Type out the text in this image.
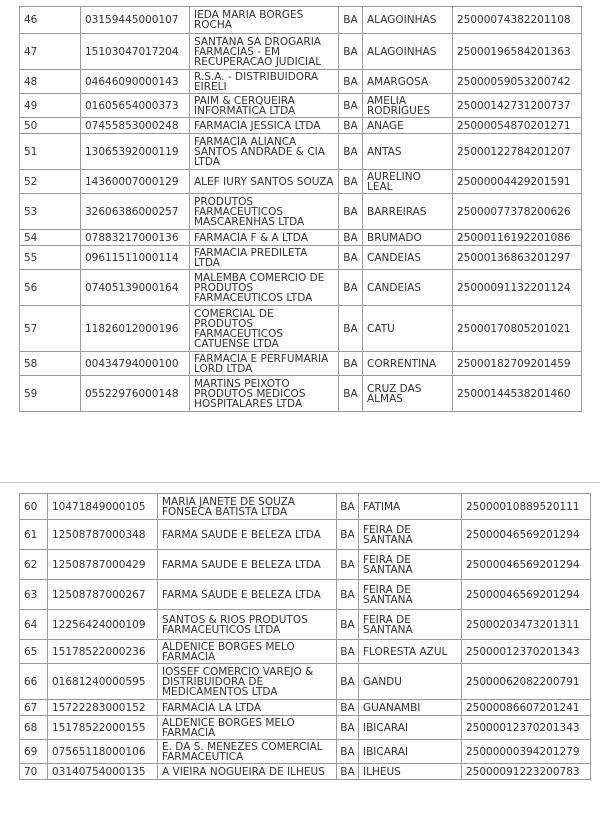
46	03159445000107	IEDA MARIA BORGES ROCHA	BA	ALAGOINHAS	25000074382201108
47	15103047017204	SANTANA SA DROGARIA FARMACIAS - EM RECUPERACAO JUDICIAL	BA	ALAGOINHAS	25000196584201363
48	04646090000143	R.S.A. - DISTRIBUIDORA EIRELI	BA	AMARGOSA	25000059053200742
49	01605654000373	PAIM & CERQUEIRA INFORMATICA LTDA	BA	AMELIA RODRIGUES	25000142731200737
50	07455853000248	FARMACIA JESSICA LTDA	BA	ANAGE	25000054870201271
51	13065392000119	FARMACIA ALIANCA SANTOS ANDRADE & CIA LTDA	BA	ANTAS	25000122784201207
52	14360007000129	ALEF IURY SANTOS SOUZA	BA	AURELINO LEAL	25000004429201591
53	32606386000257	PRODUTOS FARMACEUTICOS MASCARENHAS LTDA	BA	BARREIRAS	25000077378200626
54	07883217000136	FARMACIA F & A LTDA	BA	BRUMADO	25000116192201086
55	09611511000114	FARMACIA PREDILETA LTDA	BA	CANDEIAS	25000136863201297
56	07405139000164	MALEMBA COMERCIO DE PRODUTOS FARMACEUTICOS LTDA	BA	CANDEIAS	25000091132201124
57	11826012000196	COMERCIAL DE PRODUTOS FARMACEUTICOS CATUENSE LTDA	BA	CATU	25000170805201021
58	00434794000100	FARMACIA E PERFUMARIA LORD LTDA	BA	CORRENTINA	25000182709201459
59	05522976000148	MARTINS PEIXOTO PRODUTOS MEDICOS HOSPITALARES LTDA	BA	CRUZ DAS ALMAS	25000144538201460
60	10471849000105	MARIA JANETE DE SOUZA FONSECA BATISTA LTDA	BA	FATIMA	25000010889520111
61	12508787000348	FARMA SAUDE E BELEZA LTDA	BA	FEIRA DE SANTANA	25000046569201294
62	12508787000429	FARMA SAUDE E BELEZA LTDA	BA	FEIRA DE SANTANA	25000046569201294
63	12508787000267	FARMA SAUDE E BELEZA LTDA	BA	FEIRA DE SANTANA	25000046569201294
64	12256424000109	SANTOS & RIOS PRODUTOS FARMACEUTICOS LTDA	BA	FEIRA DE SANTANA	25000203473201311
65	15178522000236	ALDENICE BORGES MELO FARMACIA	BA	FLORESTA AZUL	25000012370201343
66	01681240000595	IOSSEF COMERCIO VAREJO & DISTRIBUIDORA DE MEDICAMENTOS LTDA	BA	GANDU	25000062082200791
67	15722283000152	FARMACIA LA LTDA	BA	GUANAMBI	25000086607201241
68	15178522000155	ALDENICE BORGES MELO FARMACIA	BA	IBICARAI	25000012370201343
69	07565118000106	E. DA S. MENEZES COMERCIAL FARMACEUTICA	BA	IBICARAI	25000000394201279
70	03140754000135	A VIEIRA NOGUEIRA DE ILHEUS	BA	ILHEUS	25000091223200783
